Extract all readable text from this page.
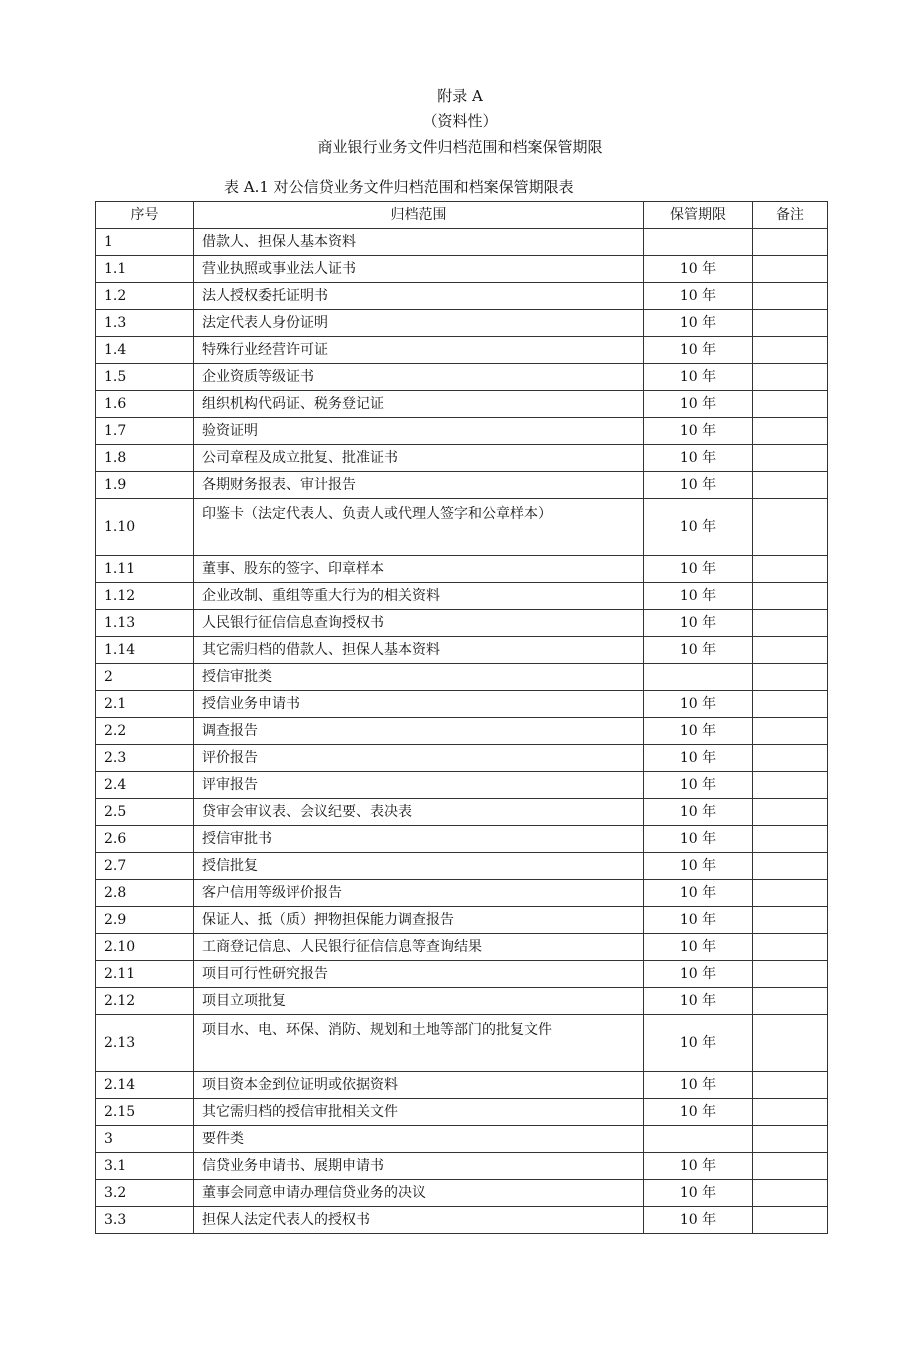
附录 A
（资料性）
商业银行业务文件归档范围和档案保管期限
表 A.1 对公信贷业务文件归档范围和档案保管期限表
序号	归档范围	保管期限	备注
1	借款人、担保人基本资料		
1.1	营业执照或事业法人证书	10 年	
1.2	法人授权委托证明书	10 年	
1.3	法定代表人身份证明	10 年	
1.4	特殊行业经营许可证	10 年	
1.5	企业资质等级证书	10 年	
1.6	组织机构代码证、税务登记证	10 年	
1.7	验资证明	10 年	
1.8	公司章程及成立批复、批准证书	10 年	
1.9	各期财务报表、审计报告	10 年	
1.10	印鉴卡（法定代表人、负责人或代理人签字和公章样本）	10 年	
1.11	董事、股东的签字、印章样本	10 年	
1.12	企业改制、重组等重大行为的相关资料	10 年	
1.13	人民银行征信信息查询授权书	10 年	
1.14	其它需归档的借款人、担保人基本资料	10 年	
2	授信审批类		
2.1	授信业务申请书	10 年	
2.2	调查报告	10 年	
2.3	评价报告	10 年	
2.4	评审报告	10 年	
2.5	贷审会审议表、会议纪要、表决表	10 年	
2.6	授信审批书	10 年	
2.7	授信批复	10 年	
2.8	客户信用等级评价报告	10 年	
2.9	保证人、抵（质）押物担保能力调查报告	10 年	
2.10	工商登记信息、人民银行征信信息等查询结果	10 年	
2.11	项目可行性研究报告	10 年	
2.12	项目立项批复	10 年	
2.13	项目水、电、环保、消防、规划和土地等部门的批复文件	10 年	
2.14	项目资本金到位证明或依据资料	10 年	
2.15	其它需归档的授信审批相关文件	10 年	
3	要件类		
3.1	信贷业务申请书、展期申请书	10 年	
3.2	董事会同意申请办理信贷业务的决议	10 年	
3.3	担保人法定代表人的授权书	10 年	
